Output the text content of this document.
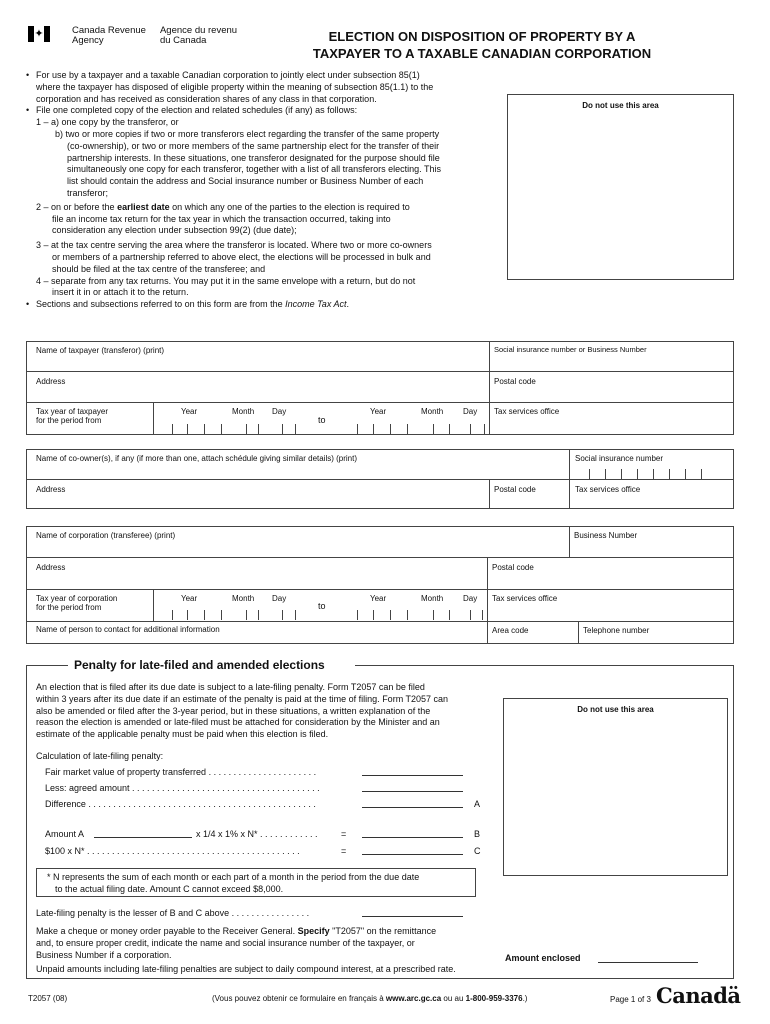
✦	Canada Revenue
Agency
Agence du revenu
du Canada	ELECTION ON DISPOSITION OF PROPERTY BY A
TAXPAYER TO A TAXABLE CANADIAN CORPORATION
• For use by a taxpayer and a taxable Canadian corporation to jointly elect under subsection 85(1)

where the taxpayer has disposed of eligible property within the meaning of subsection 85(1.1) to the

corporation and has received as consideration shares of any class in that corporation.

• File one completed copy of the election and related schedules (if any) as follows:

1 – a) one copy by the transferor, or

b) two or more copies if two or more transferors elect regarding the transfer of the same property

(co-ownership), or two or more members of the same partnership elect for the transfer of their

partnership interests. In these situations, one transferor designated for the purpose should file

simultaneously one copy for each transferor, together with a list of all transferors electing. This

list should contain the address and Social insurance number or Business Number of each

transferor;

2 – on or before the earliest date on which any one of the parties to the election is required to

file an income tax return for the tax year in which the transaction occurred, taking into

consideration any election under subsection 99(2) (due date);

3 – at the tax centre serving the area where the transferor is located. Where two or more co-owners

or members of a partnership referred to above elect, the elections will be processed in bulk and

should be filed at the tax centre of the transferee; and

4 – separate from any tax returns. You may put it in the same envelope with a return, but do not

insert it in or attach it to the return.

• Sections and subsections referred to on this form are from the Income Tax Act.

Do not use this area
Name of taxpayer (transferor) (print)	Social insurance number or Business Number
Address	Postal code
Tax year of taxpayer
for the period from
Year	Month Day
to
Year	Month Day Tax services office
Name of co-owner(s), if any (if more than one, attach schédule giving similar details) (print)	Social insurance number
Address	Postal code	Tax services office
Name of corporation (transferee) (print)	Business Number
Address	Postal code
Tax year of corporation
for the period from
Year	Month Day
to
Year	Month Day Tax services office
Name of person to contact for additional information	Area code	Telephone number
Penalty for late-filed and amended elections
An election that is filed after its due date is subject to a late-filing penalty. Form T2057 can be filed
within 3 years after its due date if an estimate of the penalty is paid at the time of filing. Form T2057 can
also be amended or filed after the 3-year period, but in these situations, a written explanation of the
reason the election is amended or late-filed must be attached for consideration by the Minister and an
estimate of the applicable penalty must be paid when this election is filed.
Do not use this area
Calculation of late-filing penalty:
Fair market value of property transferred . . . . . . . . . . . . . . . . . . . . . .
Less: agreed amount . . . . . . . . . . . . . . . . . . . . . . . . . . . . . . . . . . . . . .
Difference . . . . . . . . . . . . . . . . . . . . . . . . . . . . . . . . . . . . . . . . . . . . . .	A
Amount A	x 1/4 x 1% x N* . . . . . . . . . . . .	=	B
$100 x N* . . . . . . . . . . . . . . . . . . . . . . . . . . . . . . . . . . . . . . . . . . .	=	C
* N represents the sum of each month or each part of a month in the period from the due date
to the actual filing date. Amount C cannot exceed $8,000.
Late-filing penalty is the lesser of B and C above . . . . . . . . . . . . . . . .
Make a cheque or money order payable to the Receiver General. Specify "T2057" on the remittance
and, to ensure proper credit, indicate the name and social insurance number of the taxpayer, or
Business Number if a corporation.	Amount enclosed
Unpaid amounts including late-filing penalties are subject to daily compound interest, at a prescribed rate.
T2057 (08)	(Vous pouvez obtenir ce formulaire en français à www.arc.gc.ca ou au 1-800-959-3376.)	Page 1 of 3 Canadä
